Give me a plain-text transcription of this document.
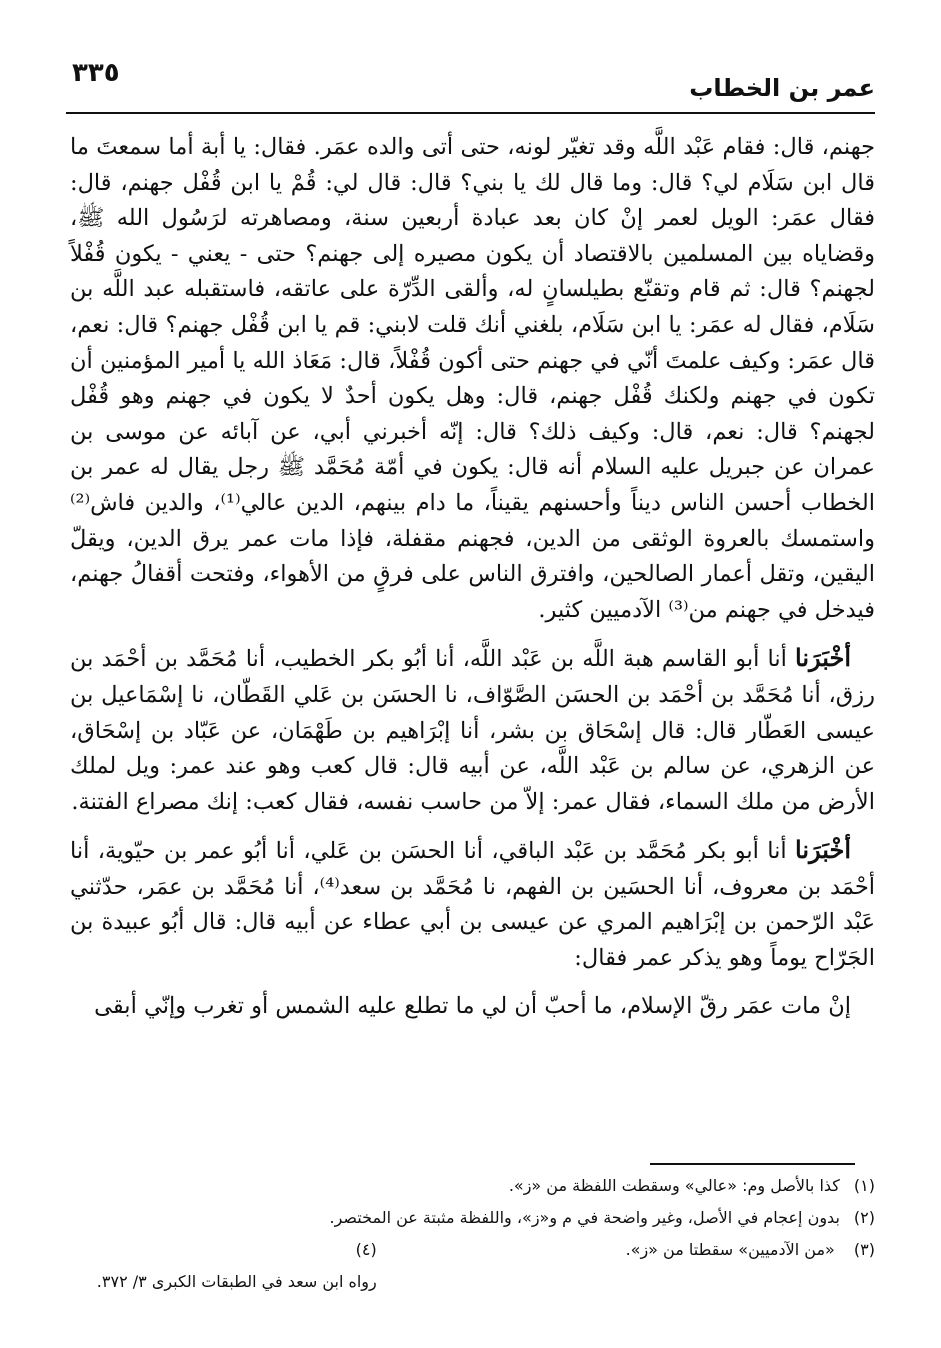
٣٣٥	عمر بن الخطاب

جهنم، قال: فقام عَبْد اللَّه وقد تغيّر لونه، حتى أتى والده عمَر. فقال: يا أبة أما سمعتَ ما قال ابن سَلَام لي؟ قال: وما قال لك يا بني؟ قال: قال لي: قُمْ يا ابن قُفْل جهنم، قال: فقال عمَر: الويل لعمر إنْ كان بعد عبادة أربعين سنة، ومصاهرته لرَسُول الله ﷺ، وقضاياه بين المسلمين بالاقتصاد أن يكون مصيره إلى جهنم؟ حتى - يعني - يكون قُفْلاً لجهنم؟ قال: ثم قام وتقنّع بطيلسانٍ له، وألقى الدِّرّة على عاتقه، فاستقبله عبد اللَّه بن سَلَام، فقال له عمَر: يا ابن سَلَام، بلغني أنك قلت لابني: قم يا ابن قُفْل جهنم؟ قال: نعم، قال عمَر: وكيف علمتَ أنّي في جهنم حتى أكون قُفْلاً، قال: مَعَاذ الله يا أمير المؤمنين أن تكون في جهنم ولكنك قُفْل جهنم، قال: وهل يكون أحدٌ لا يكون في جهنم وهو قُفْل لجهنم؟ قال: نعم، قال: وكيف ذلك؟ قال: إنّه أخبرني أبي، عن آبائه عن موسى بن عمران عن جبريل عليه السلام أنه قال: يكون في أمّة مُحَمَّد ﷺ رجل يقال له عمر بن الخطاب أحسن الناس ديناً وأحسنهم يقيناً، ما دام بينهم، الدين عالي⁽¹⁾، والدين فاش⁽²⁾ واستمسك بالعروة الوثقى من الدين، فجهنم مقفلة، فإذا مات عمر يرق الدين، ويقلّ اليقين، وتقل أعمار الصالحين، وافترق الناس على فرقٍ من الأهواء، وفتحت أقفالُ جهنم، فيدخل في جهنم من⁽³⁾ الآدميين كثير.

أخْبَرَنا أنا أبو القاسم هبة اللَّه بن عَبْد اللَّه، أنا أبُو بكر الخطيب، أنا مُحَمَّد بن أحْمَد بن رزق، أنا مُحَمَّد بن أحْمَد بن الحسَن الصَّوّاف، نا الحسَن بن عَلي القَطّان، نا إسْمَاعيل بن عيسى العَطّار قال: قال إسْحَاق بن بشر، أنا إبْرَاهيم بن طَهْمَان، عن عَبّاد بن إسْحَاق، عن الزهري، عن سالم بن عَبْد اللَّه، عن أبيه قال: قال كعب وهو عند عمر: ويل لملك الأرض من ملك السماء، فقال عمر: إلاّ من حاسب نفسه، فقال كعب: إنك مصراع الفتنة.

أخْبَرَنا أنا أبو بكر مُحَمَّد بن عَبْد الباقي، أنا الحسَن بن عَلي، أنا أبُو عمر بن حيّوية، أنا أحْمَد بن معروف، أنا الحسَين بن الفهم، نا مُحَمَّد بن سعد⁽⁴⁾، أنا مُحَمَّد بن عمَر، حدّثني عَبْد الرّحمن بن إبْرَاهيم المري عن عيسى بن أبي عطاء عن أبيه قال: قال أبُو عبيدة بن الجَرّاح يوماً وهو يذكر عمر فقال:

إنْ مات عمَر رقّ الإسلام، ما أحبّ أن لي ما تطلع عليه الشمس أو تغرب وإنّي أبقى

(١)
كذا بالأصل وم: «عالي» وسقطت اللفظة من «ز».
(٢)
بدون إعجام في الأصل، وغير واضحة في م و«ز»، واللفظة مثبتة عن المختصر.
(٣) «من الآدميين» سقطتا من «ز».
(٤) رواه ابن سعد في الطبقات الكبرى ٣/ ٣٧٢.
